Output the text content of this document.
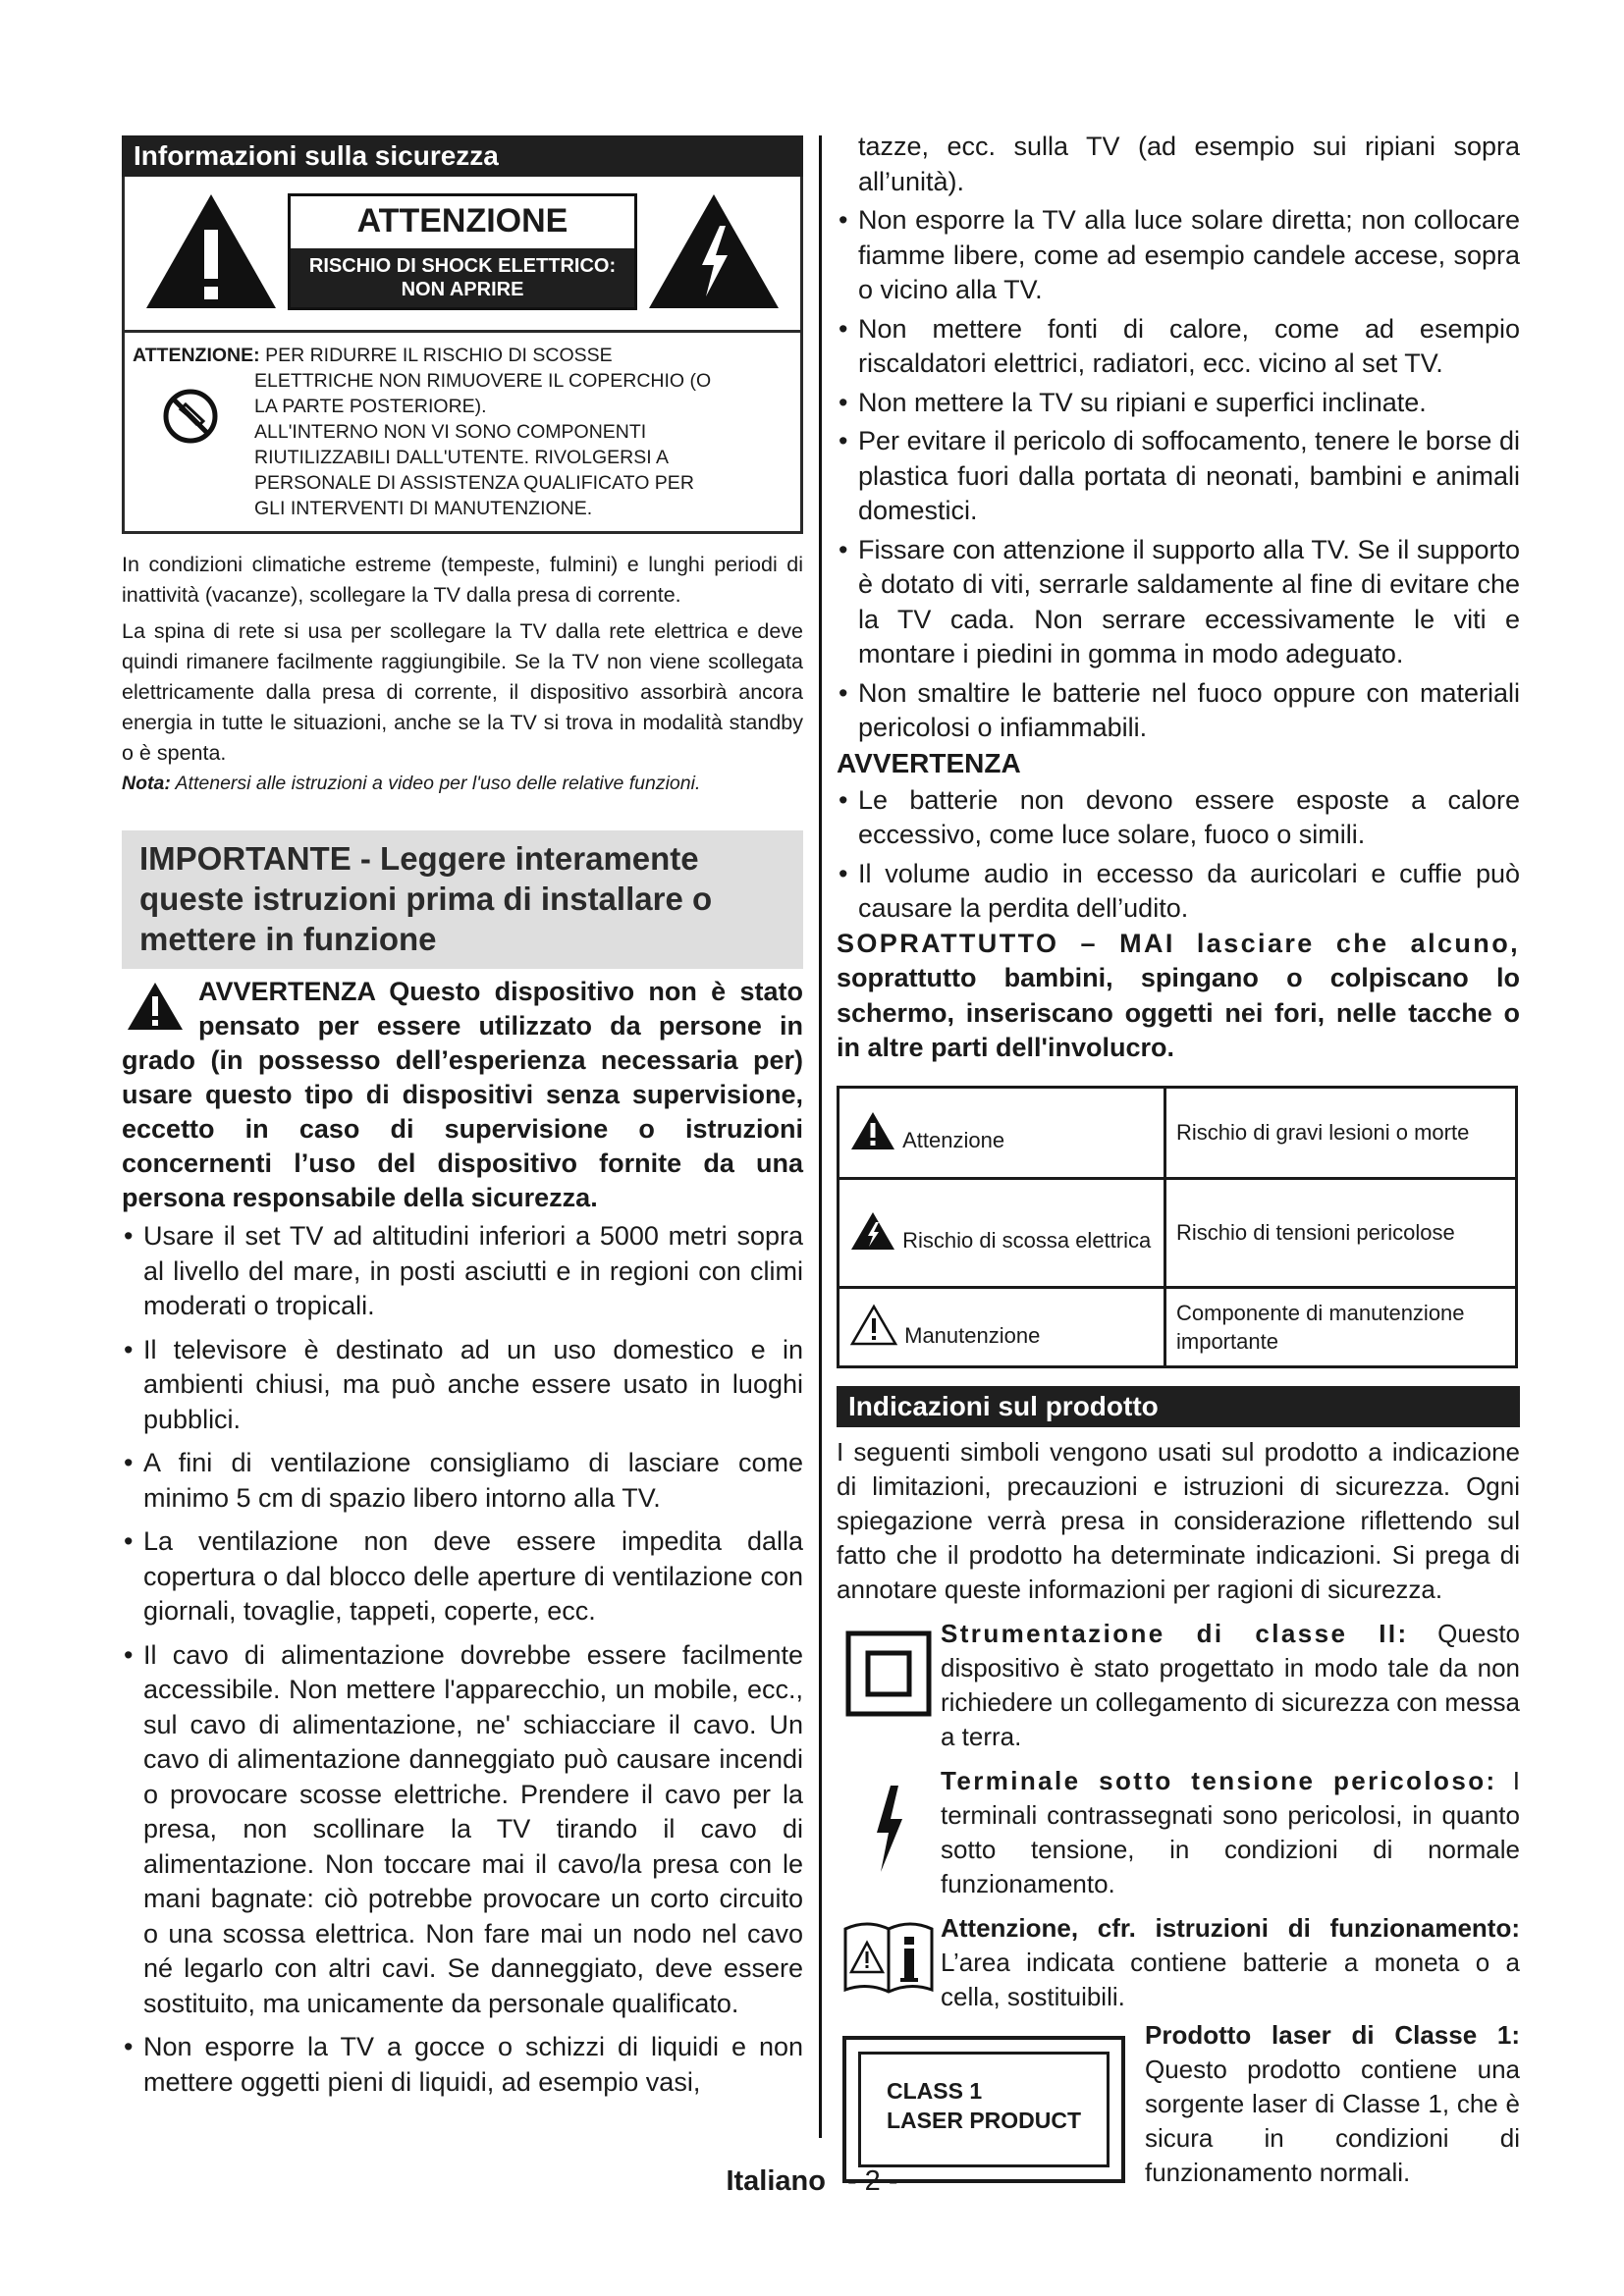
Informazioni sulla sicurezza
ATTENZIONE
RISCHIO DI SHOCK ELETTRICO: NON APRIRE
ATTENZIONE: PER RIDURRE IL RISCHIO DI SCOSSE
ELETTRICHE NON RIMUOVERE IL COPERCHIO (O
LA PARTE POSTERIORE).
ALL'INTERNO NON VI SONO COMPONENTI
RIUTILIZZABILI DALL'UTENTE. RIVOLGERSI A
PERSONALE DI ASSISTENZA QUALIFICATO PER
GLI INTERVENTI DI MANUTENZIONE.

In condizioni climatiche estreme (tempeste, fulmini) e lunghi periodi di inattività (vacanze), scollegare la TV dalla presa di corrente.

La spina di rete si usa per scollegare la TV dalla rete elettrica e deve quindi rimanere facilmente raggiungibile. Se la TV non viene scollegata elettricamente dalla presa di corrente, il dispositivo assorbirà ancora energia in tutte le situazioni, anche se la TV si trova in modalità standby o è spenta.

Nota: Attenersi alle istruzioni a video per l'uso delle relative funzioni.

IMPORTANTE - Leggere interamente queste istruzioni prima di installare o mettere in funzione
AVVERTENZA Questo dispositivo non è stato pensato per essere utilizzato da persone in grado (in possesso dell’esperienza necessaria per) usare questo tipo di dispositivi senza supervisione, eccetto in caso di supervisione o istruzioni concernenti l’uso del dispositivo fornite da una persona responsabile della sicurezza.
• Usare il set TV ad altitudini inferiori a 5000 metri sopra al livello del mare, in posti asciutti e in regioni con climi moderati o tropicali.
• Il televisore è destinato ad un uso domestico e in ambienti chiusi, ma può anche essere usato in luoghi pubblici.
• A fini di ventilazione consigliamo di lasciare come minimo 5 cm di spazio libero intorno alla TV.
• La ventilazione non deve essere impedita dalla copertura o dal blocco delle aperture di ventilazione con giornali, tovaglie, tappeti, coperte, ecc.
• Il cavo di alimentazione dovrebbe essere facilmente accessibile. Non mettere l'apparecchio, un mobile, ecc., sul cavo di alimentazione, ne' schiacciare il cavo. Un cavo di alimentazione danneggiato può causare incendi o provocare scosse elettriche. Prendere il cavo per la presa, non scollinare la TV tirando il cavo di alimentazione. Non toccare mai il cavo/la presa con le mani bagnate: ciò potrebbe provocare un corto circuito o una scossa elettrica. Non fare mai un nodo nel cavo né legarlo con altri cavi. Se danneggiato, deve essere sostituito, ma unicamente da personale qualificato.
• Non esporre la TV a gocce o schizzi di liquidi e non mettere oggetti pieni di liquidi, ad esempio vasi,
tazze, ecc. sulla TV (ad esempio sui ripiani sopra all’unità).
• Non esporre la TV alla luce solare diretta; non collocare fiamme libere, come ad esempio candele accese, sopra o vicino alla TV.
• Non mettere fonti di calore, come ad esempio riscaldatori elettrici, radiatori, ecc. vicino al set TV.
• Non mettere la TV su ripiani e superfici inclinate.
• Per evitare il pericolo di soffocamento, tenere le borse di plastica fuori dalla portata di neonati, bambini e animali domestici.
• Fissare con attenzione il supporto alla TV. Se il supporto è dotato di viti, serrarle saldamente al fine di evitare che la TV cada. Non serrare eccessivamente le viti e montare i piedini in gomma in modo adeguato.
• Non smaltire le batterie nel fuoco oppure con materiali pericolosi o infiammabili.
AVVERTENZA
• Le batterie non devono essere esposte a calore eccessivo, come luce solare, fuoco o simili.
• Il volume audio in eccesso da auricolari e cuffie può causare la perdita dell’udito.
SOPRATTUTTO – MAI lasciare che alcuno, soprattutto bambini, spingano o colpiscano lo schermo, inseriscano oggetti nei fori, nelle tacche o in altre parti dell'involucro.
Attenzione	Rischio di gravi lesioni o morte
Rischio di scossa elettrica	Rischio di tensioni pericolose
Manutenzione	Componente di manutenzione importante
Indicazioni sul prodotto

I seguenti simboli vengono usati sul prodotto a indicazione di limitazioni, precauzioni e istruzioni di sicurezza. Ogni spiegazione verrà presa in considerazione riflettendo sul fatto che il prodotto ha determinate indicazioni. Si prega di annotare queste informazioni per ragioni di sicurezza.

Strumentazione di classe II: Questo dispositivo è stato progettato in modo tale da non richiedere un collegamento di sicurezza con messa a terra.
Terminale sotto tensione pericoloso: I terminali contrassegnati sono pericolosi, in quanto sotto tensione, in condizioni di normale funzionamento.
Attenzione, cfr. istruzioni di funzionamento: L’area indicata contiene batterie a moneta o a cella, sostituibili.
CLASS 1
LASER PRODUCT
Prodotto laser di Classe 1: Questo prodotto contiene una sorgente laser di Classe 1, che è sicura in condizioni di funzionamento normali.
Italiano - 2 -
